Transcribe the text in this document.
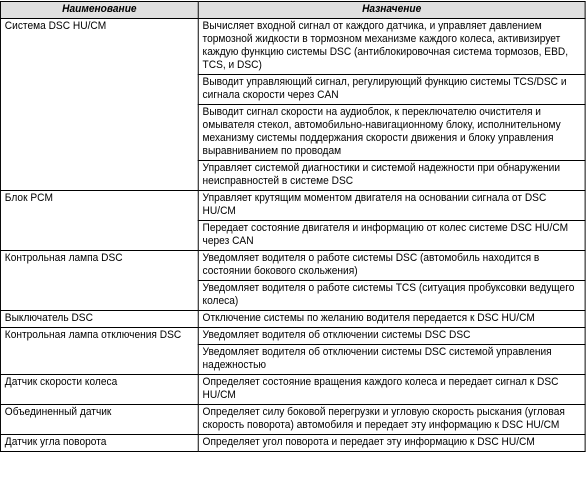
Наименование	Назначение
Система DSC HU/CM	Вычисляет входной сигнал от каждого датчика, и управляет давлением тормозной жидкости в тормозном механизме каждого колеса, активизирует каждую функцию системы DSC (антиблокировочная система тормозов, EBD, TCS, и DSC)
	Выводит управляющий сигнал, регулирующий функцию системы TCS/DSC и сигнала скорости через CAN
	Выводит сигнал скорости на аудиоблок, к переключателю очистителя и омывателя стекол, автомобильно-навигационному блоку, исполнительному механизму системы поддержания скорости движения и блоку управления выравниванием по проводам
	Управляет системой диагностики и системой надежности при обнаружении неисправностей в системе DSC
Блок PCM	Управляет крутящим моментом двигателя на основании сигнала от DSC HU/CM
	Передает состояние двигателя и информацию от колес системе DSC HU/CM через CAN
Контрольная лампа DSC	Уведомляет водителя о работе системы DSC (автомобиль находится в состоянии бокового скольжения)
	Уведомляет водителя о работе системы TCS (ситуация пробуксовки ведущего колеса)
Выключатель DSC	Отключение системы по желанию водителя передается к DSC HU/CM
Контрольная лампа отключения DSC	Уведомляет водителя об отключении системы DSC DSC
	Уведомляет водителя об отключении системы DSC системой управления надежностью
Датчик скорости колеса	Определяет состояние вращения каждого колеса и передает сигнал к DSC HU/CM
Объединенный датчик	Определяет силу боковой перегрузки и угловую скорость рыскания (угловая скорость поворота) автомобиля и передает эту информацию к DSC HU/CM
Датчик угла поворота	Определяет угол поворота и передает эту информацию к DSC HU/CM
